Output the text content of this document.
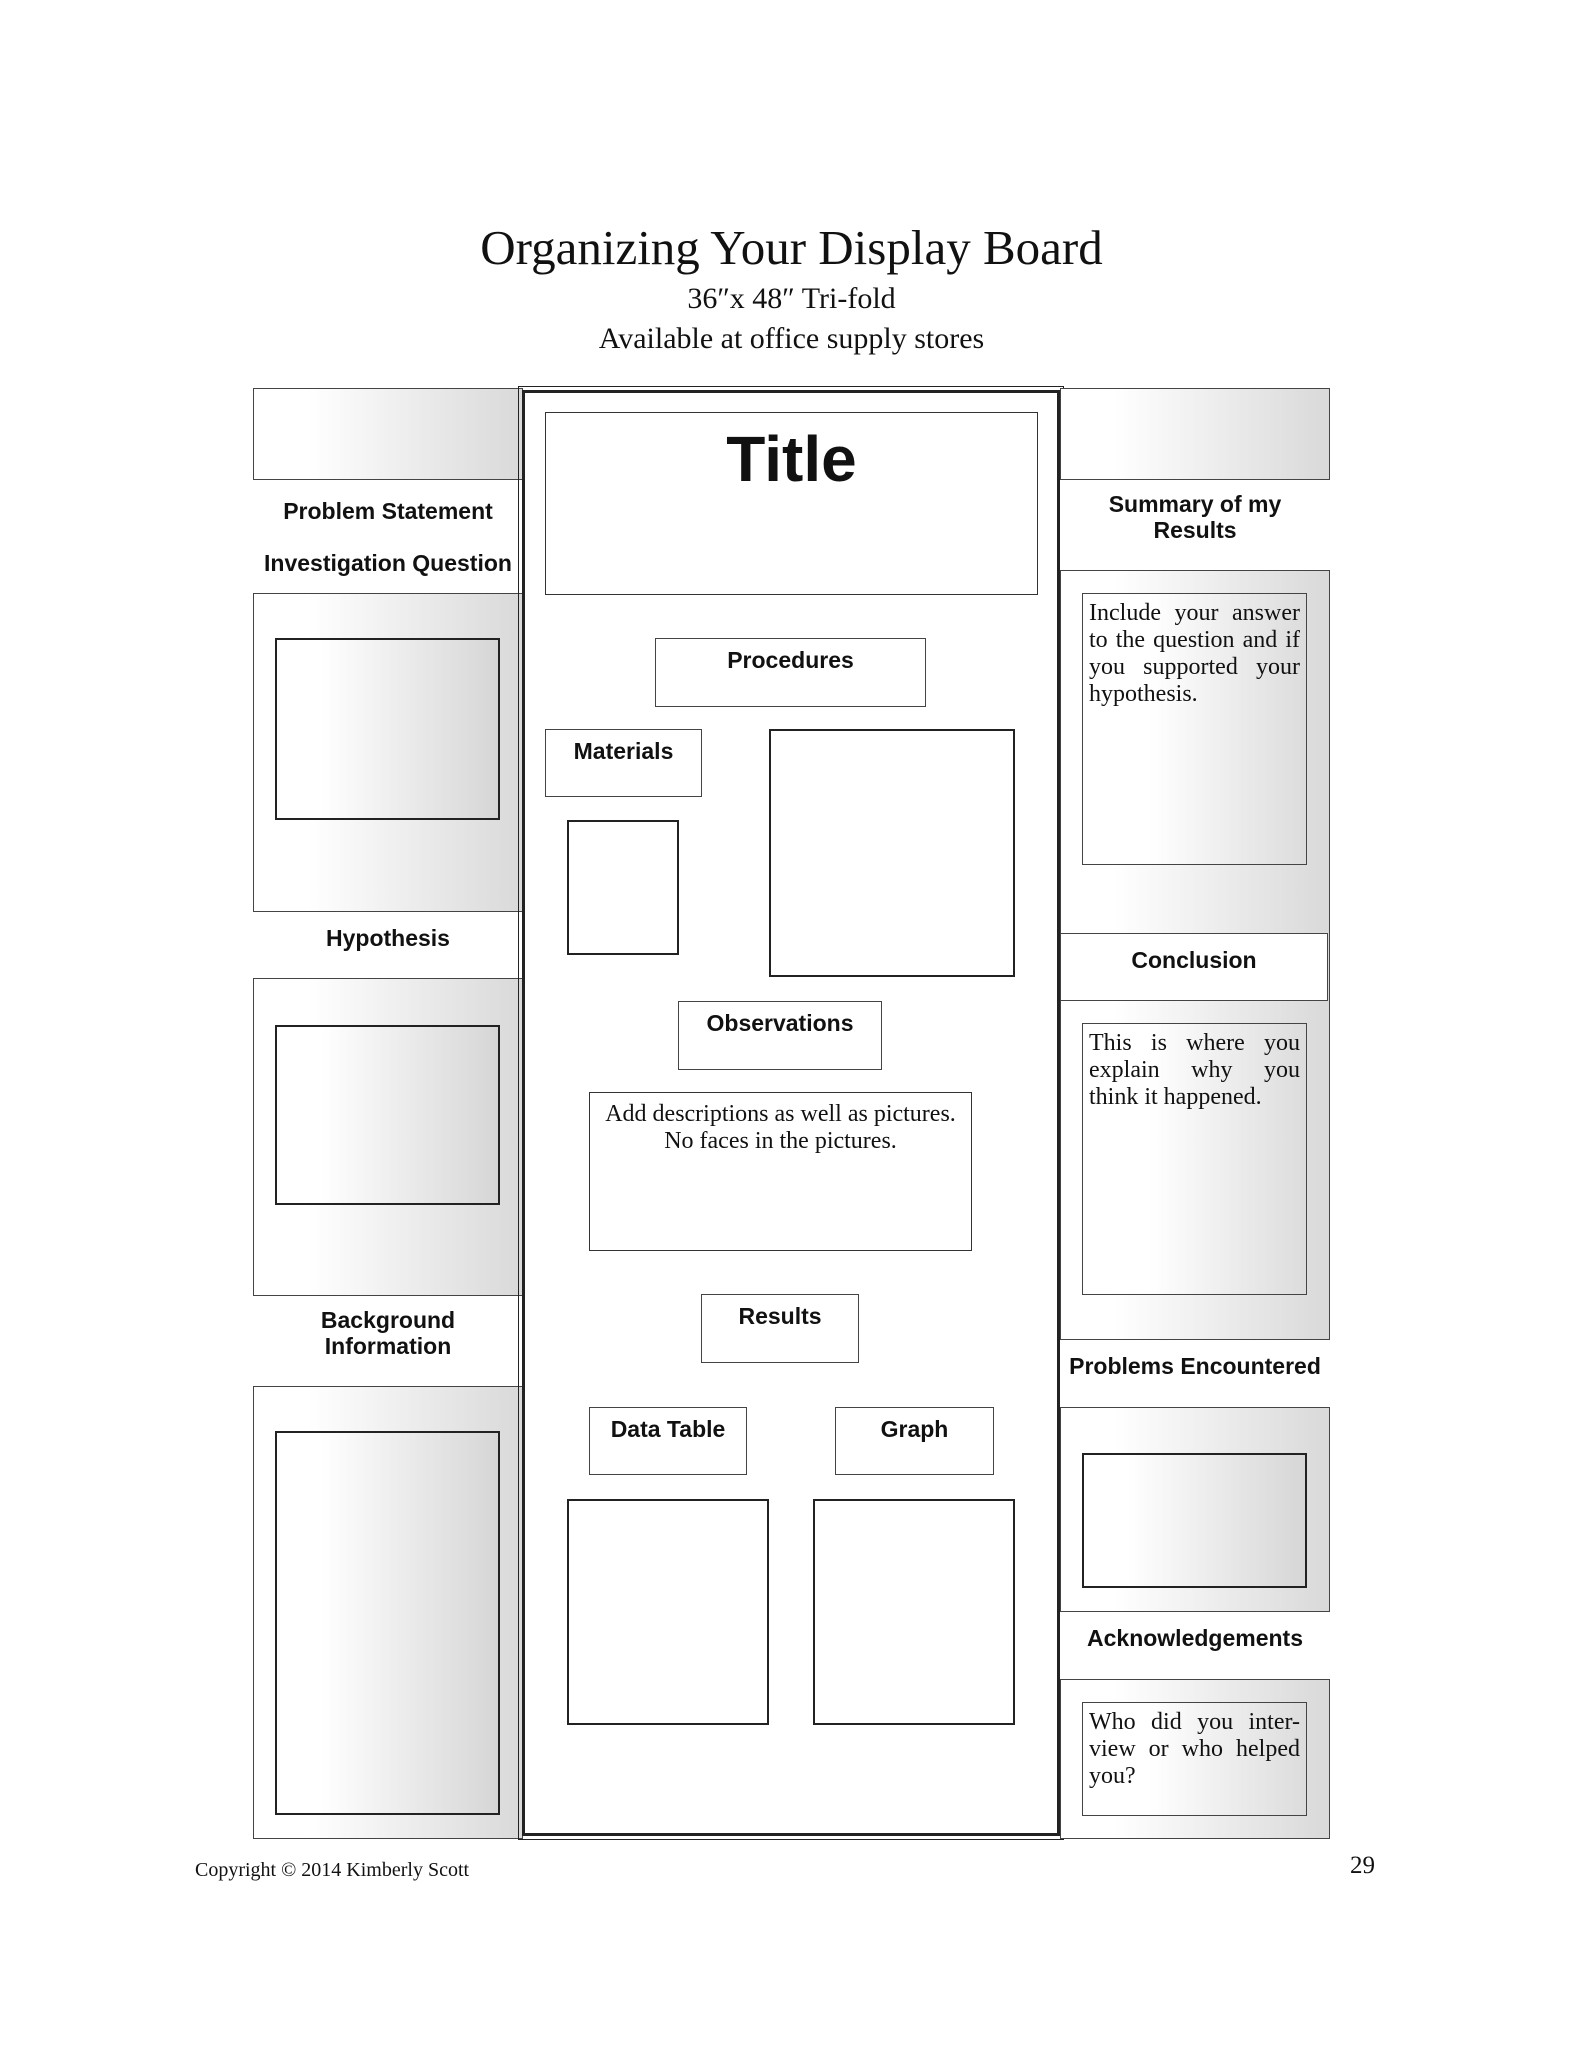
Organizing Your Display Board
36″x 48″ Tri-fold
Available at office supply stores
Problem Statement
Investigation Question
Hypothesis
Background
Information
Title
Procedures
Materials
Observations
Add descriptions as well as pictures.
No faces in the pictures.
Results
Data Table	Graph
Summary of my
Results
Include your answer to the question and if you supported your hypothesis.
Conclusion
This is where you explain why you think it happened.
Problems Encountered
Acknowledgements
Who did you inter-view or who helped you?
Copyright © 2014 Kimberly Scott	29
